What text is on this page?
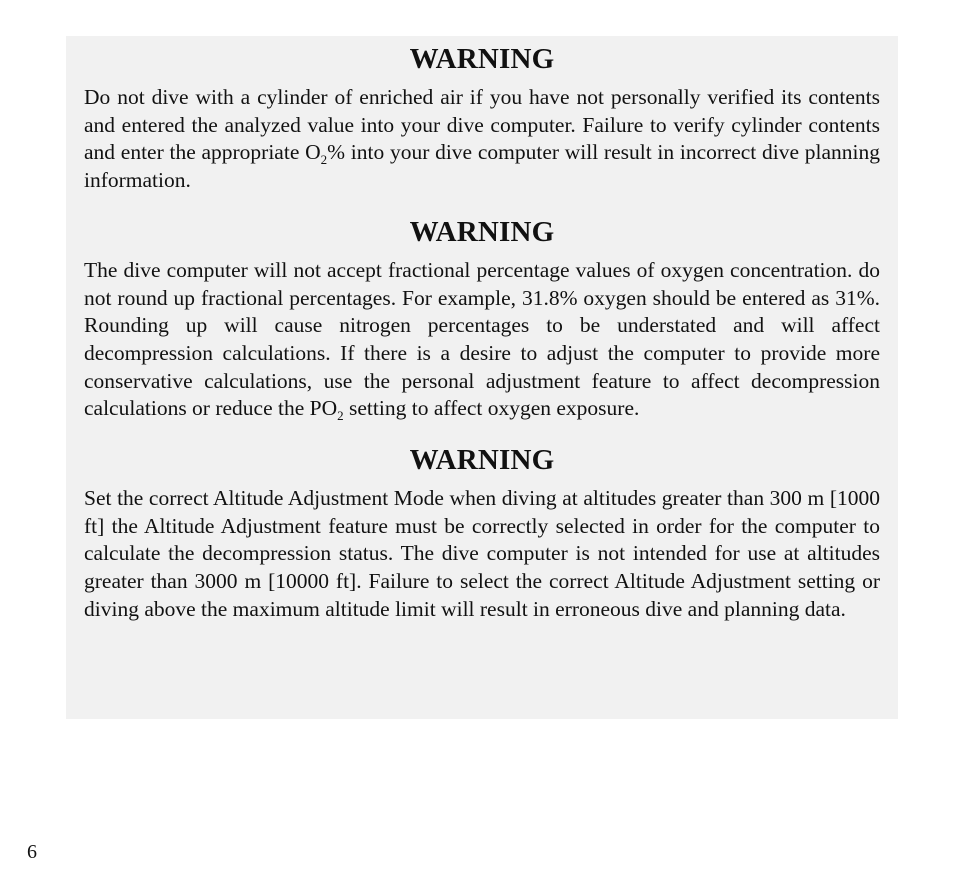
WARNING

Do not dive with a cylinder of enriched air if you have not personally verified its contents and entered the analyzed value into your dive computer. Failure to verify cylinder contents and enter the appropriate $O_2\%$ into your dive computer will result in incorrect dive planning information.

WARNING

The dive computer will not accept fractional percentage values of oxygen concentration. do not round up fractional percentages. For example, 31.8% oxygen should be entered as 31%. Rounding up will cause nitrogen percentages to be understated and will affect decompression calculations. If there is a desire to adjust the computer to provide more conservative calculations, use the personal adjustment feature to affect decompression calculations or reduce the $PO_2$ setting to affect oxygen exposure.

WARNING

Set the correct Altitude Adjustment Mode when diving at altitudes greater than 300 m [1000 ft] the Altitude Adjustment feature must be correctly selected in order for the computer to calculate the decompression status. The dive computer is not intended for use at altitudes greater than 3000 m [10000 ft]. Failure to select the correct Altitude Adjustment setting or diving above the maximum altitude limit will result in erroneous dive and planning data.

6
